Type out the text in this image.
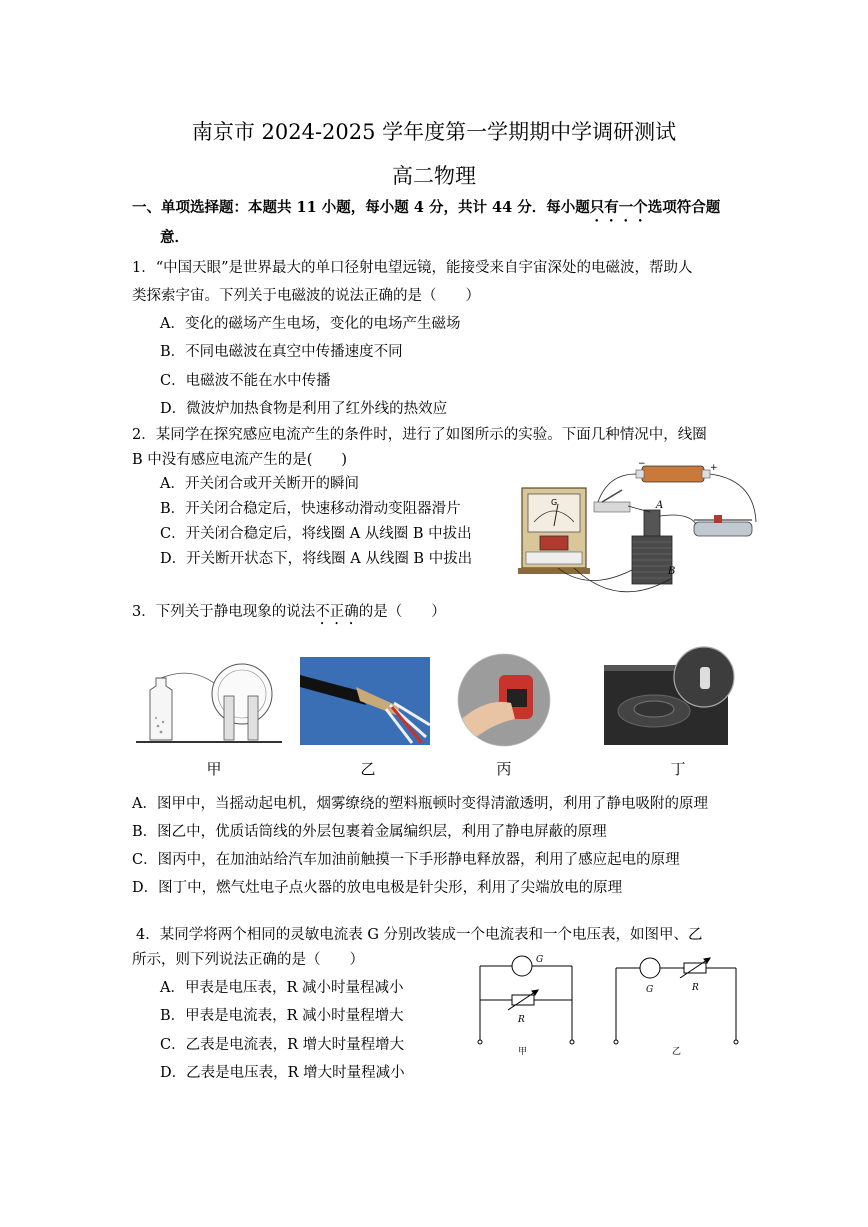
南京市 2024-2025 学年度第一学期期中学调研测试
高二物理
一、单项选择题：本题共 11 小题，每小题 4 分，共计 44 分．每小题只有一个选项符合题
意．
1．“中国天眼”是世界最大的单口径射电望远镜，能接受来自宇宙深处的电磁波，帮助人
类探索宇宙。下列关于电磁波的说法正确的是（　　）
A．变化的磁场产生电场，变化的电场产生磁场
B．不同电磁波在真空中传播速度不同
C．电磁波不能在水中传播
D．微波炉加热食物是利用了红外线的热效应
2．某同学在探究感应电流产生的条件时，进行了如图所示的实验。下面几种情况中，线圈
B 中没有感应电流产生的是(　　)
A．开关闭合或开关断开的瞬间
B．开关闭合稳定后，快速移动滑动变阻器滑片
C．开关闭合稳定后，将线圈 A 从线圈 B 中拔出
D．开关断开状态下，将线圈 A 从线圈 B 中拔出
G
−	+
A
B
3．下列关于静电现象的说法不正确的是（　　）
甲	乙	丙	丁
A．图甲中，当摇动起电机，烟雾缭绕的塑料瓶顿时变得清澈透明，利用了静电吸附的原理
B．图乙中，优质话筒线的外层包裹着金属编织层，利用了静电屏蔽的原理
C．图丙中，在加油站给汽车加油前触摸一下手形静电释放器，利用了感应起电的原理
D．图丁中，燃气灶电子点火器的放电电极是针尖形，利用了尖端放电的原理
4．某同学将两个相同的灵敏电流表 G 分别改装成一个电流表和一个电压表，如图甲、乙
所示，则下列说法正确的是（　　）
A．甲表是电压表，R 减小时量程减小
B．甲表是电流表，R 减小时量程增大
C．乙表是电流表，R 增大时量程增大
D．乙表是电压表，R 增大时量程减小
G
R
甲
G	R
乙
